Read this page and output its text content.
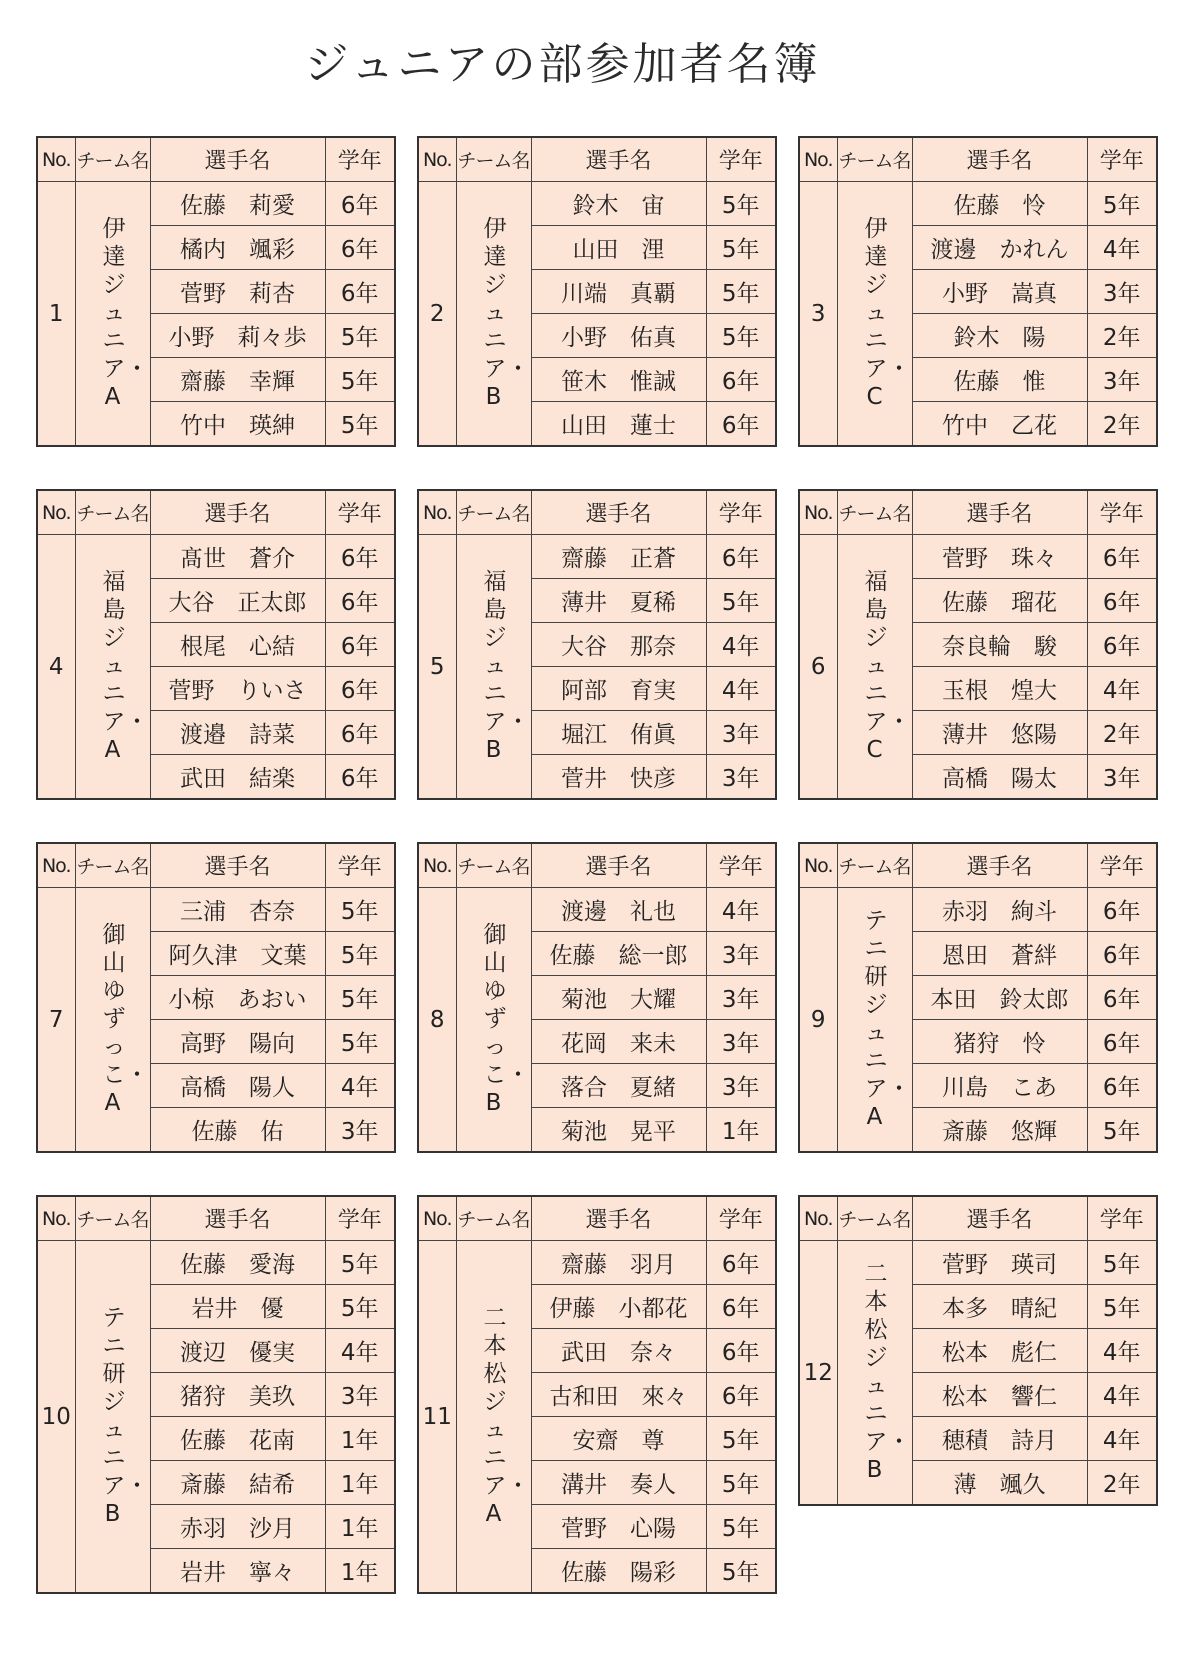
ジュニアの部参加者名簿
No.	チーム名	選手名	学年
1	伊達ジュニア・A	佐藤　莉愛	6年
		橘内　颯彩	6年
		菅野　莉杏	6年
		小野　莉々歩	5年
		齋藤　幸輝	5年
		竹中　瑛紳	5年
No.	チーム名	選手名	学年
2	伊達ジュニア・B	鈴木　宙	5年
		山田　浬	5年
		川端　真覇	5年
		小野　佑真	5年
		笹木　惟誠	6年
		山田　蓮士	6年
No.	チーム名	選手名	学年
3	伊達ジュニア・C	佐藤　怜	5年
		渡邊　かれん	4年
		小野　嵩真	3年
		鈴木　陽	2年
		佐藤　惟	3年
		竹中　乙花	2年
No.	チーム名	選手名	学年
4	福島ジュニア・A	髙世　蒼介	6年
		大谷　正太郎	6年
		根尾　心結	6年
		菅野　りいさ	6年
		渡邉　詩菜	6年
		武田　結楽	6年
No.	チーム名	選手名	学年
5	福島ジュニア・B	齋藤　正蒼	6年
		薄井　夏稀	5年
		大谷　那奈	4年
		阿部　育実	4年
		堀江　侑眞	3年
		菅井　快彦	3年
No.	チーム名	選手名	学年
6	福島ジュニア・C	菅野　珠々	6年
		佐藤　瑠花	6年
		奈良輪　駿	6年
		玉根　煌大	4年
		薄井　悠陽	2年
		高橋　陽太	3年
No.	チーム名	選手名	学年
7	御山ゆずっこ・A	三浦　杏奈	5年
		阿久津　文葉	5年
		小椋　あおい	5年
		高野　陽向	5年
		高橋　陽人	4年
		佐藤　佑	3年
No.	チーム名	選手名	学年
8	御山ゆずっこ・B	渡邊　礼也	4年
		佐藤　総一郎	3年
		菊池　大耀	3年
		花岡　来未	3年
		落合　夏緒	3年
		菊池　晃平	1年
No.	チーム名	選手名	学年
9	テニ研ジュニア・A	赤羽　絢斗	6年
		恩田　蒼絆	6年
		本田　鈴太郎	6年
		猪狩　怜	6年
		川島　こあ	6年
		斎藤　悠輝	5年
No.	チーム名	選手名	学年
10	テニ研ジュニア・B	佐藤　愛海	5年
		岩井　優	5年
		渡辺　優実	4年
		猪狩　美玖	3年
		佐藤　花南	1年
		斎藤　結希	1年
		赤羽　沙月	1年
		岩井　寧々	1年
No.	チーム名	選手名	学年
11	二本松ジュニア・A	齋藤　羽月	6年
		伊藤　小都花	6年
		武田　奈々	6年
		古和田　來々	6年
		安齋　尊	5年
		溝井　奏人	5年
		菅野　心陽	5年
		佐藤　陽彩	5年
No.	チーム名	選手名	学年
12	二本松ジュニア・B	菅野　瑛司	5年
		本多　晴紀	5年
		松本　彪仁	4年
		松本　響仁	4年
		穂積　詩月	4年
		薄　颯久	2年
